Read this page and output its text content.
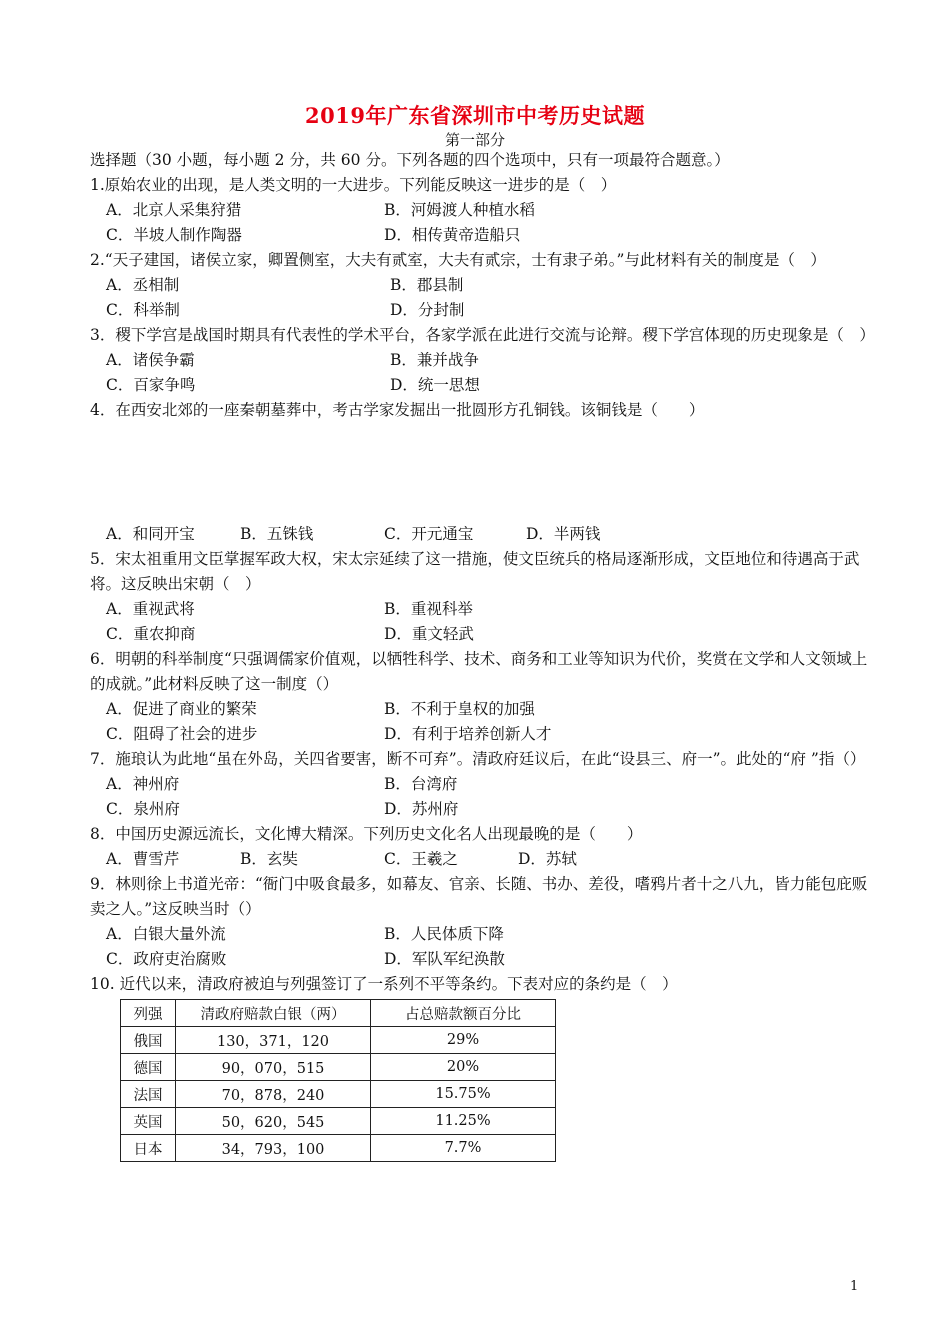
2019年广东省深圳市中考历史试题
第一部分
选择题（30 小题，每小题 2 分，共 60 分。下列各题的四个选项中，只有一项最符合题意。）
1.原始农业的出现，是人类文明的一大进步。下列能反映这一进步的是（　）
A．北京人采集狩猎	B．河姆渡人种植水稻
C．半坡人制作陶器	D．相传黄帝造船只
2.“天子建国，诸侯立家，卿置侧室，大夫有贰室，大夫有贰宗，士有隶子弟。”与此材料有关的制度是（　）
A．丞相制	B．郡县制
C．科举制	D．分封制
3．稷下学宫是战国时期具有代表性的学术平台，各家学派在此进行交流与论辩。稷下学宫体现的历史现象是（　）
A．诸侯争霸	B．兼并战争
C．百家争鸣	D．统一思想
4．在西安北郊的一座秦朝墓葬中，考古学家发掘出一批圆形方孔铜钱。该铜钱是（　　）
A．和同开宝	B．五铢钱	C．开元通宝	D．半两钱
5．宋太祖重用文臣掌握军政大权，宋太宗延续了这一措施，使文臣统兵的格局逐渐形成，文臣地位和待遇高于武将。这反映出宋朝（　）
A．重视武将	B．重视科举
C．重农抑商	D．重文轻武
6．明朝的科举制度“只强调儒家价值观，以牺牲科学、技术、商务和工业等知识为代价，奖赏在文学和人文领域上的成就。”此材料反映了这一制度（）
A．促进了商业的繁荣	B．不利于皇权的加强
C．阻碍了社会的进步	D．有利于培养创新人才
7．施琅认为此地“虽在外岛，关四省要害，断不可弃”。清政府廷议后，在此“设县三、府一”。此处的“府 ”指（）
A．神州府	B．台湾府
C．泉州府	D．苏州府
8．中国历史源远流长，文化博大精深。下列历史文化名人出现最晚的是（　　）
A．曹雪芹	B．玄奘	C．王羲之	D．苏轼
9．林则徐上书道光帝：“衙门中吸食最多，如幕友、官亲、长随、书办、差役，嗜鸦片者十之八九，皆力能包庇贩卖之人。”这反映当时（）
A．白银大量外流	B．人民体质下降
C．政府吏治腐败	D．军队军纪涣散
10. 近代以来，清政府被迫与列强签订了一系列不平等条约。下表对应的条约是（　）
列强	清政府赔款白银（两）	占总赔款额百分比
俄国	130，371，120	29%
德国	90，070，515	20%
法国	70，878，240	15.75%
英国	50，620，545	11.25%
日本	34，793，100	7.7%
1
